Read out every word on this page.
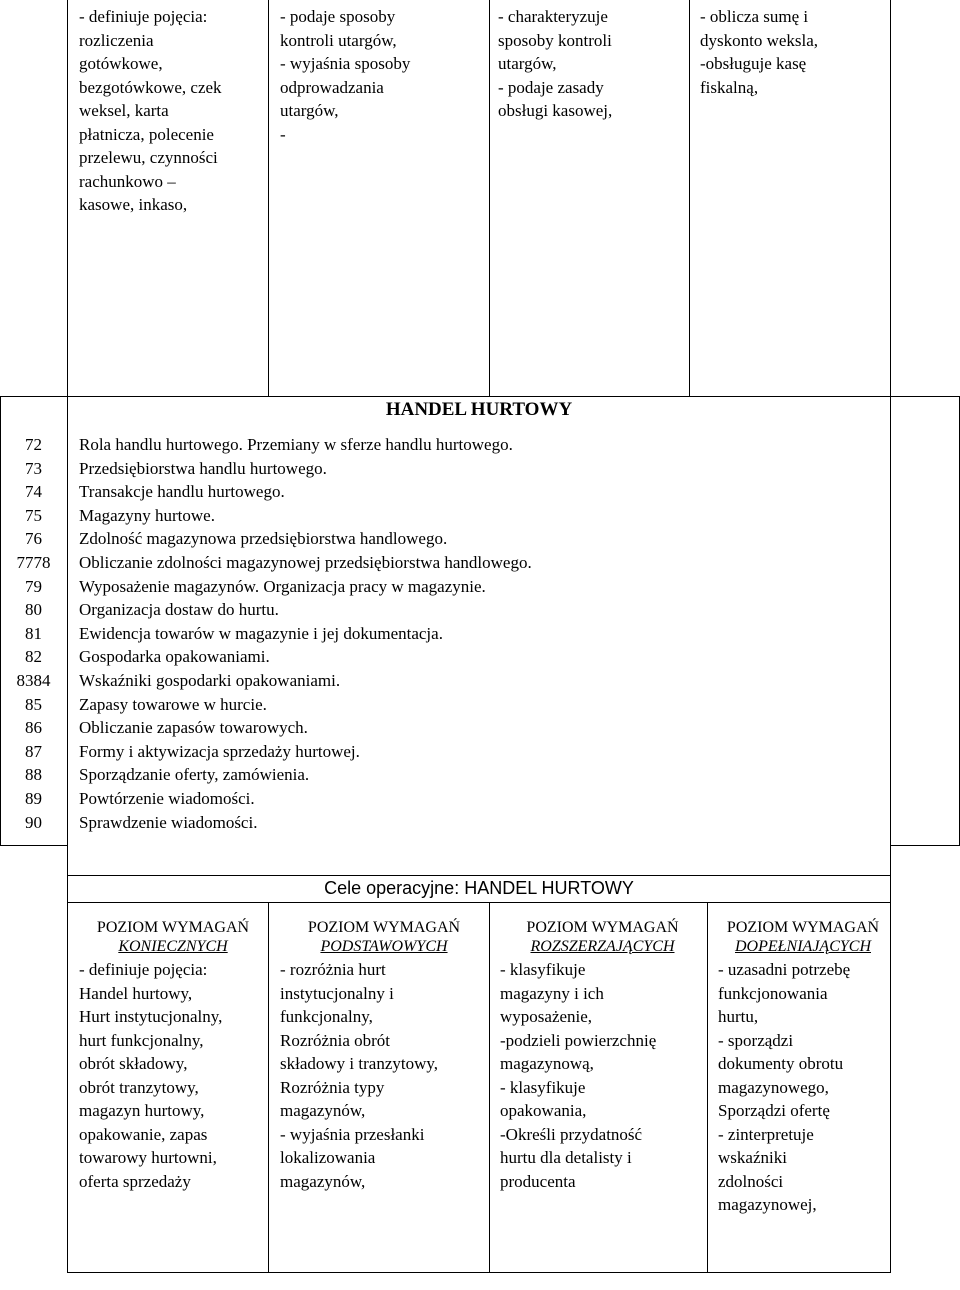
- definiuje pojęcia:
rozliczenia
gotówkowe,
bezgotówkowe, czek
weksel, karta
płatnicza, polecenie
przelewu, czynności
rachunkowo –
kasowe, inkaso,
- podaje sposoby
kontroli utargów,
- wyjaśnia sposoby
odprowadzania
utargów,
-
- charakteryzuje
sposoby kontroli
utargów,
- podaje zasady
obsługi kasowej,
- oblicza sumę i
dyskonto weksla,
-obsługuje kasę
fiskalną,
HANDEL HURTOWY
72
73
74
75
76
7778
79
80
81
82
8384
85
86
87
88
89
90
Rola handlu hurtowego. Przemiany w sferze handlu hurtowego.
Przedsiębiorstwa handlu hurtowego.
Transakcje handlu hurtowego.
Magazyny hurtowe.
Zdolność magazynowa przedsiębiorstwa handlowego.
Obliczanie zdolności magazynowej przedsiębiorstwa handlowego.
Wyposażenie magazynów. Organizacja pracy w magazynie.
Organizacja dostaw do hurtu.
Ewidencja towarów w magazynie i jej dokumentacja.
Gospodarka opakowaniami.
Wskaźniki gospodarki opakowaniami.
Zapasy towarowe w hurcie.
Obliczanie zapasów towarowych.
Formy i aktywizacja sprzedaży hurtowej.
Sporządzanie oferty, zamówienia.
Powtórzenie wiadomości.
Sprawdzenie wiadomości.
Cele operacyjne: HANDEL HURTOWY
POZIOM WYMAGAŃ
KONIECZNYCH
- definiuje pojęcia:
Handel hurtowy,
Hurt instytucjonalny,
hurt funkcjonalny,
obrót składowy,
obrót tranzytowy,
magazyn hurtowy,
opakowanie, zapas
towarowy hurtowni,
oferta sprzedaży
POZIOM WYMAGAŃ
PODSTAWOWYCH
- rozróżnia hurt
instytucjonalny i
funkcjonalny,
Rozróżnia obrót
składowy i tranzytowy,
Rozróżnia typy
magazynów,
- wyjaśnia przesłanki
lokalizowania
magazynów,
POZIOM WYMAGAŃ
ROZSZERZAJĄCYCH
- klasyfikuje
magazyny i ich
wyposażenie,
-podzieli powierzchnię
magazynową,
- klasyfikuje
opakowania,
-Określi przydatność
hurtu dla detalisty i
producenta
POZIOM WYMAGAŃ
DOPEŁNIAJĄCYCH
- uzasadni potrzebę
funkcjonowania
hurtu,
- sporządzi
dokumenty obrotu
magazynowego,
Sporządzi ofertę
- zinterpretuje
wskaźniki
zdolności
magazynowej,
